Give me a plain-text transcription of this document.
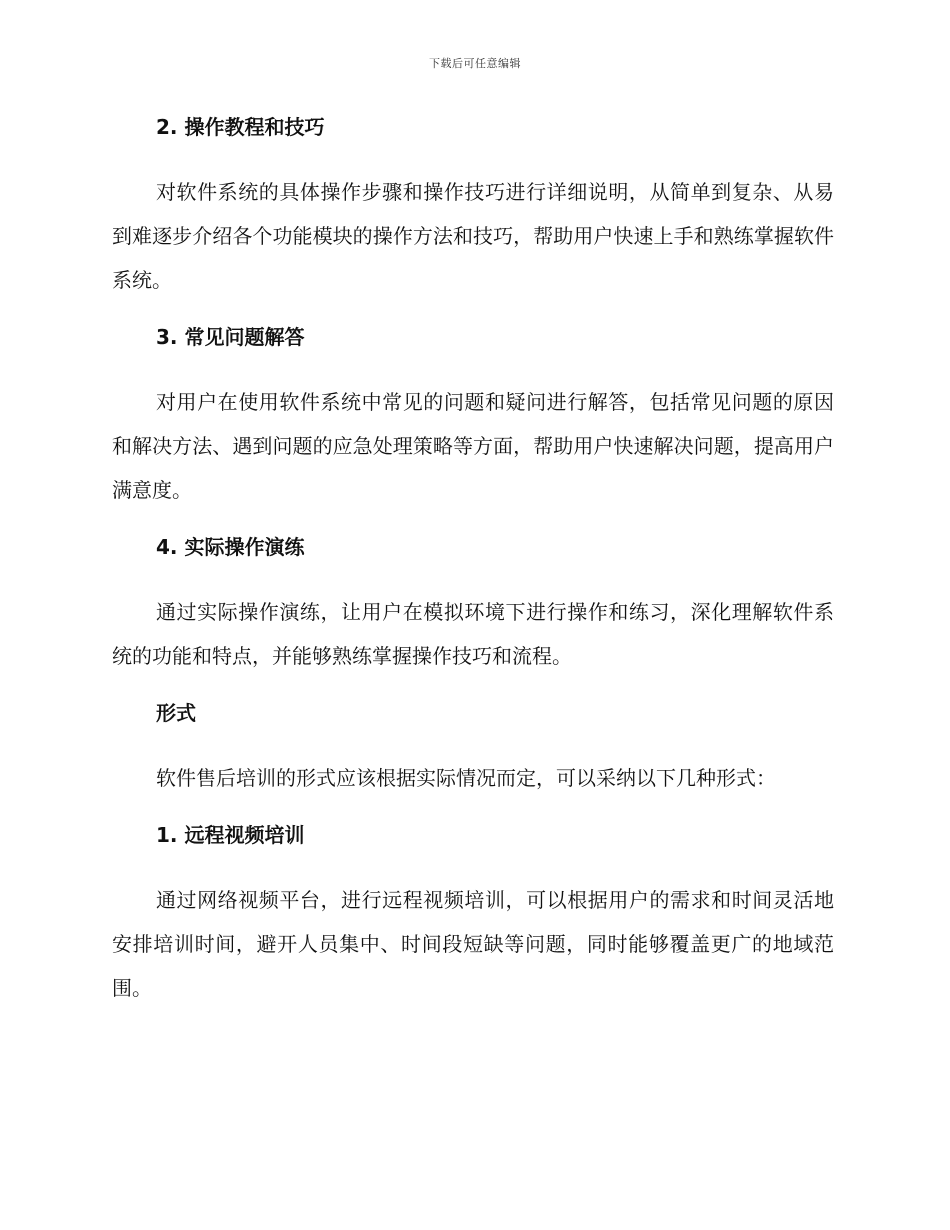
下载后可任意编辑
2. 操作教程和技巧

对软件系统的具体操作步骤和操作技巧进行详细说明，从简单到复杂、从易到难逐步介绍各个功能模块的操作方法和技巧，帮助用户快速上手和熟练掌握软件系统。

3. 常见问题解答

对用户在使用软件系统中常见的问题和疑问进行解答，包括常见问题的原因和解决方法、遇到问题的应急处理策略等方面，帮助用户快速解决问题，提高用户满意度。

4. 实际操作演练

通过实际操作演练，让用户在模拟环境下进行操作和练习，深化理解软件系统的功能和特点，并能够熟练掌握操作技巧和流程。

形式

软件售后培训的形式应该根据实际情况而定，可以采纳以下几种形式：

1. 远程视频培训

通过网络视频平台，进行远程视频培训，可以根据用户的需求和时间灵活地安排培训时间，避开人员集中、时间段短缺等问题，同时能够覆盖更广的地域范围。
